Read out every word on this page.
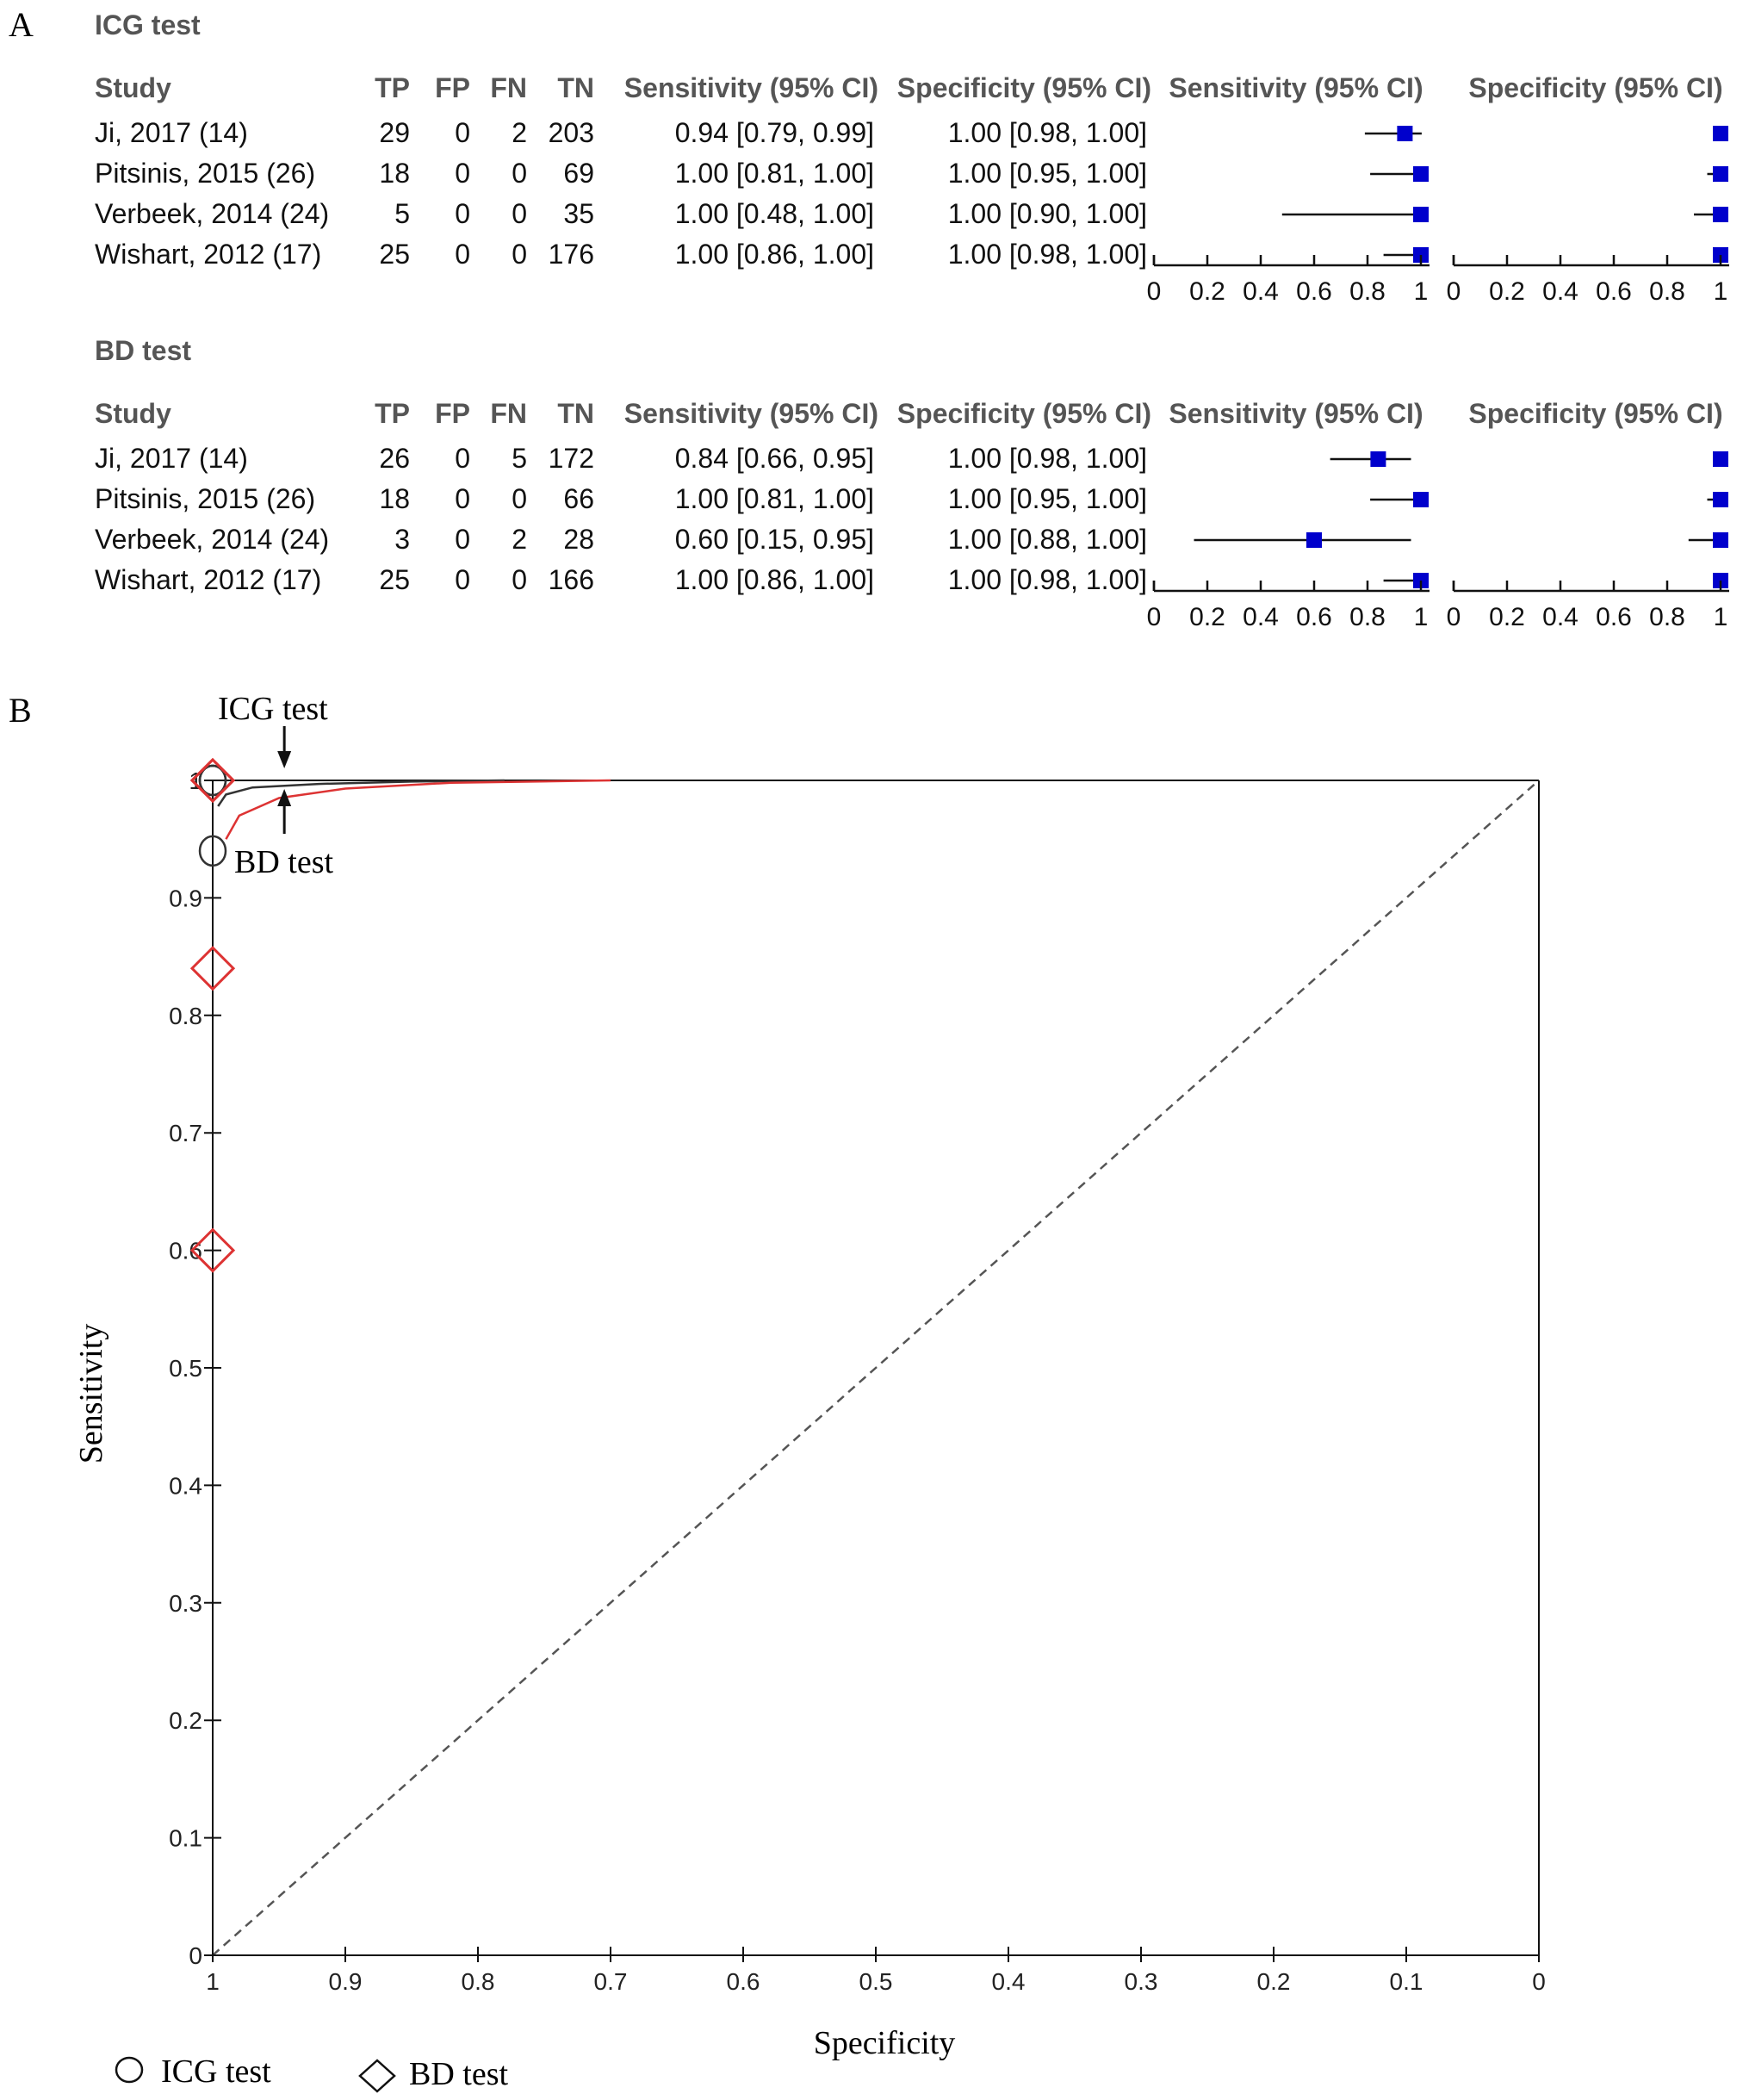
A ICG test
Study	TP FP FN TN Sensitivity (95% CI) Specificity (95% CI) Sensitivity (95% CI) Specificity (95% CI)
Ji, 2017 (14)	29 0 2 203	0.94 [0.79, 0.99]	1.00 [0.98, 1.00]
Pitsinis, 2015 (26) 18 0 0 69	1.00 [0.81, 1.00]	1.00 [0.95, 1.00]
Verbeek, 2014 (24) 5 0 0 35	1.00 [0.48, 1.00]	1.00 [0.90, 1.00]
Wishart, 2012 (17) 25 0 0 176	1.00 [0.86, 1.00]	1.00 [0.98, 1.00]
0 0.2 0.4 0.6 0.8 1 0 0.2 0.4 0.6 0.8 1
BD test
Study	TP FP FN TN Sensitivity (95% CI) Specificity (95% CI) Sensitivity (95% CI) Specificity (95% CI)
Ji, 2017 (14)	26 0 5 172	0.84 [0.66, 0.95]	1.00 [0.98, 1.00]
Pitsinis, 2015 (26) 18 0 0 66	1.00 [0.81, 1.00]	1.00 [0.95, 1.00]
Verbeek, 2014 (24) 3 0 2 28	0.60 [0.15, 0.95]	1.00 [0.88, 1.00]
Wishart, 2012 (17) 25 0 0 166	1.00 [0.86, 1.00]	1.00 [0.98, 1.00]
0 0.2 0.4 0.6 0.8 1 0 0.2 0.4 0.6 0.8 1
B
0
0.1
0.2
0.3
0.4
0.5
0.6
0.7
0.8
0.9
1
1	0.9	0.8	0.7	0.6	0.5	0.4	0.3	0.2	0.1	0
Specificity
Sensitivity
ICG test
BD test
ICG test	BD test
